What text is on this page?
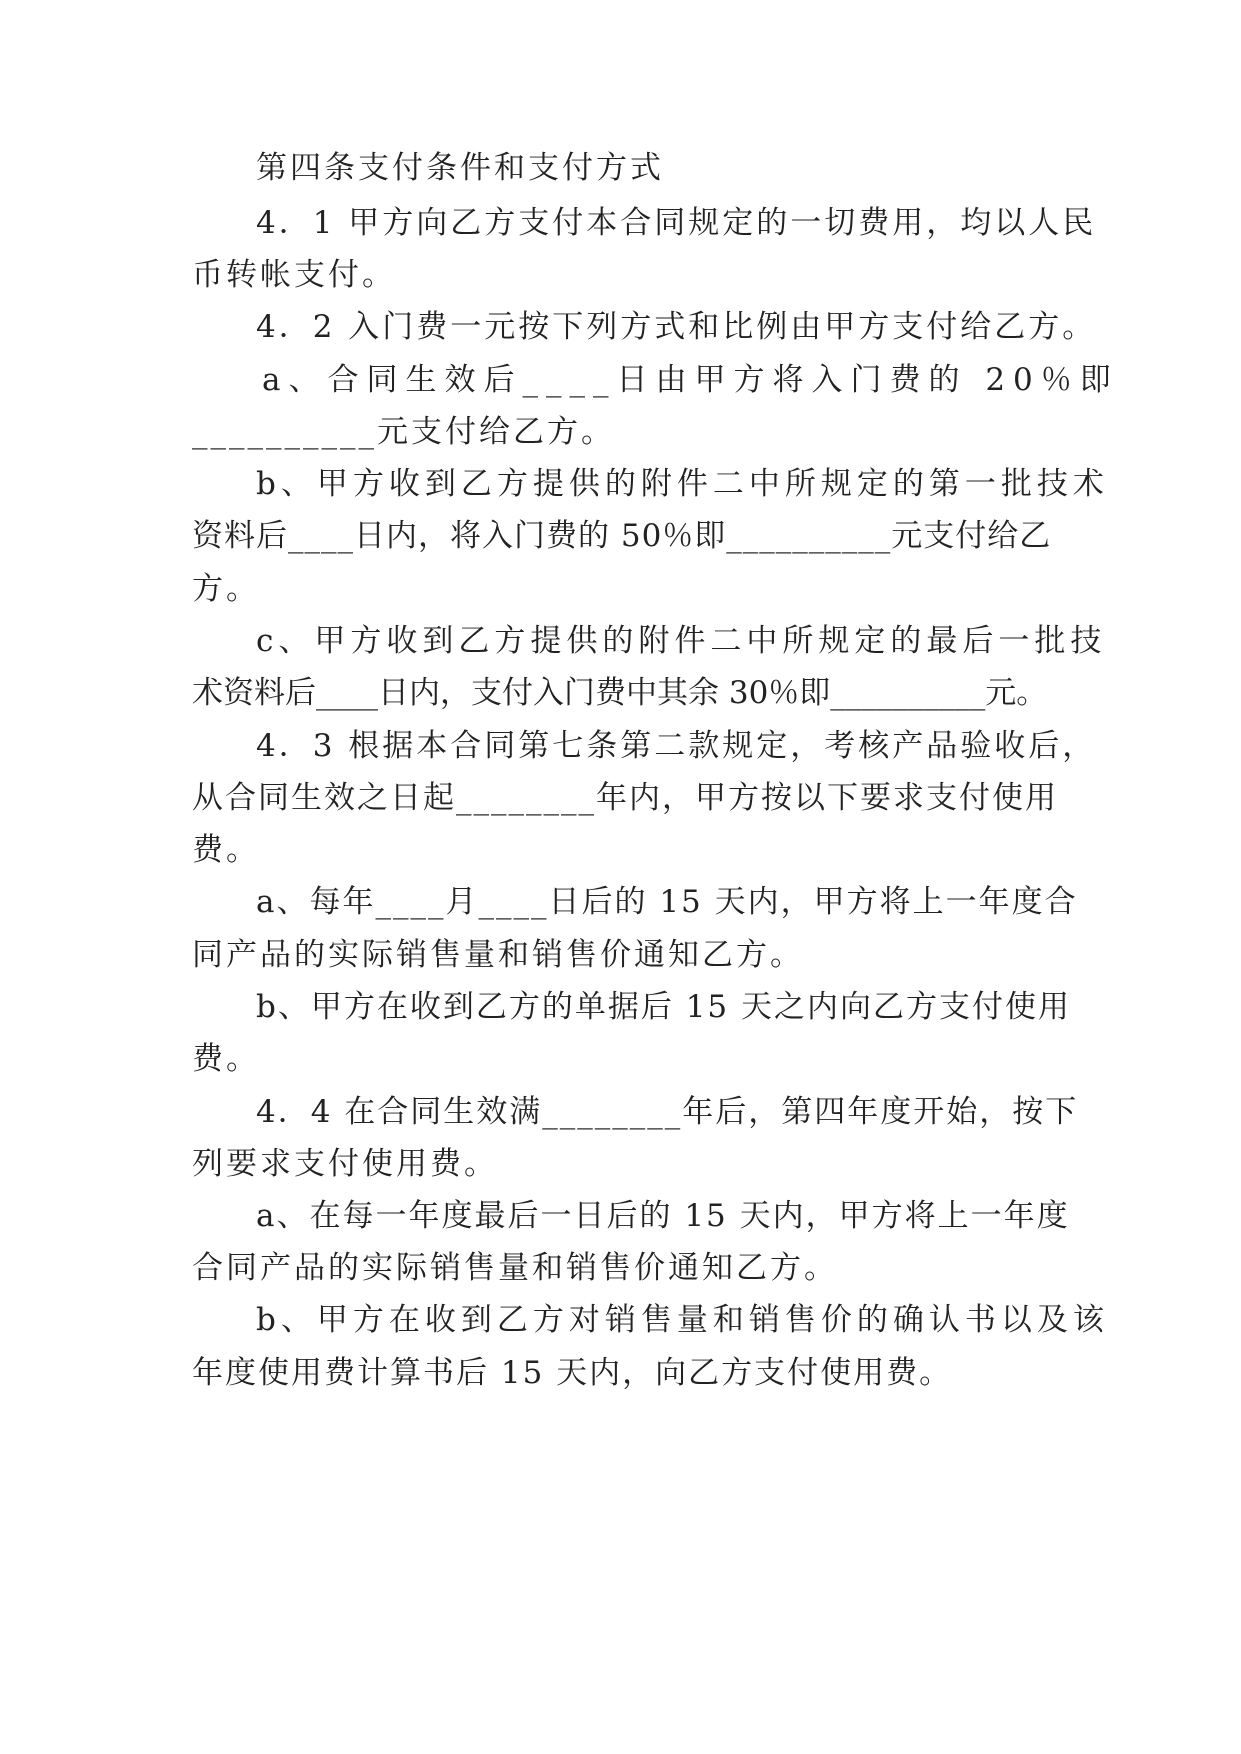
第四条支付条件和支付方式
4．1 甲方向乙方支付本合同规定的一切费用，均以人民
币转帐支付。
4．2 入门费一元按下列方式和比例由甲方支付给乙方。
a、合同生效后____日由甲方将入门费的 20％即
__________元支付给乙方。
b、甲方收到乙方提供的附件二中所规定的第一批技术
资料后____日内，将入门费的 50％即__________元支付给乙
方。
c、甲方收到乙方提供的附件二中所规定的最后一批技
术资料后____日内，支付入门费中其余 30％即__________元。
4．3 根据本合同第七条第二款规定，考核产品验收后，
从合同生效之日起________年内，甲方按以下要求支付使用
费。
a、每年____月____日后的 15 天内，甲方将上一年度合
同产品的实际销售量和销售价通知乙方。
b、甲方在收到乙方的单据后 15 天之内向乙方支付使用
费。
4．4 在合同生效满________年后，第四年度开始，按下
列要求支付使用费。
a、在每一年度最后一日后的 15 天内，甲方将上一年度
合同产品的实际销售量和销售价通知乙方。
b、甲方在收到乙方对销售量和销售价的确认书以及该
年度使用费计算书后 15 天内，向乙方支付使用费。
